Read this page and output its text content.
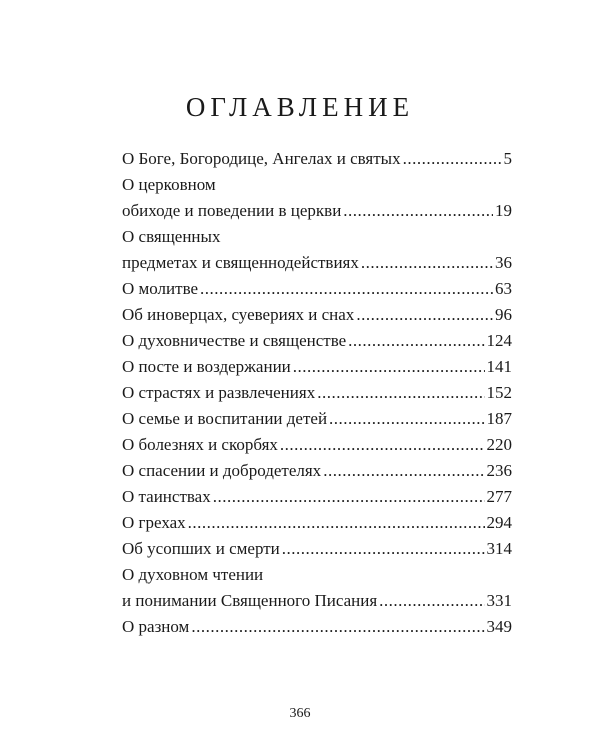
ОГЛАВЛЕНИЕ
О Боге, Богородице, Ангелах и святых .....	5
О церковном
обиходе и поведении в церкви .....	19
О священных
предметах и священнодействиях .....	36
О молитве .....	63
Об иноверцах, суевериях и снах .....	96
О духовничестве и священстве .....	124
О посте и воздержании .....	141
О страстях и развлечениях .....	152
О семье и воспитании детей .....	187
О болезнях и скорбях .....	220
О спасении и добродетелях .....	236
О таинствах .....	277
О грехах .....	294
Об усопших и смерти .....	314
О духовном чтении
и понимании Священного Писания .....	331
О разном .....	349
366
